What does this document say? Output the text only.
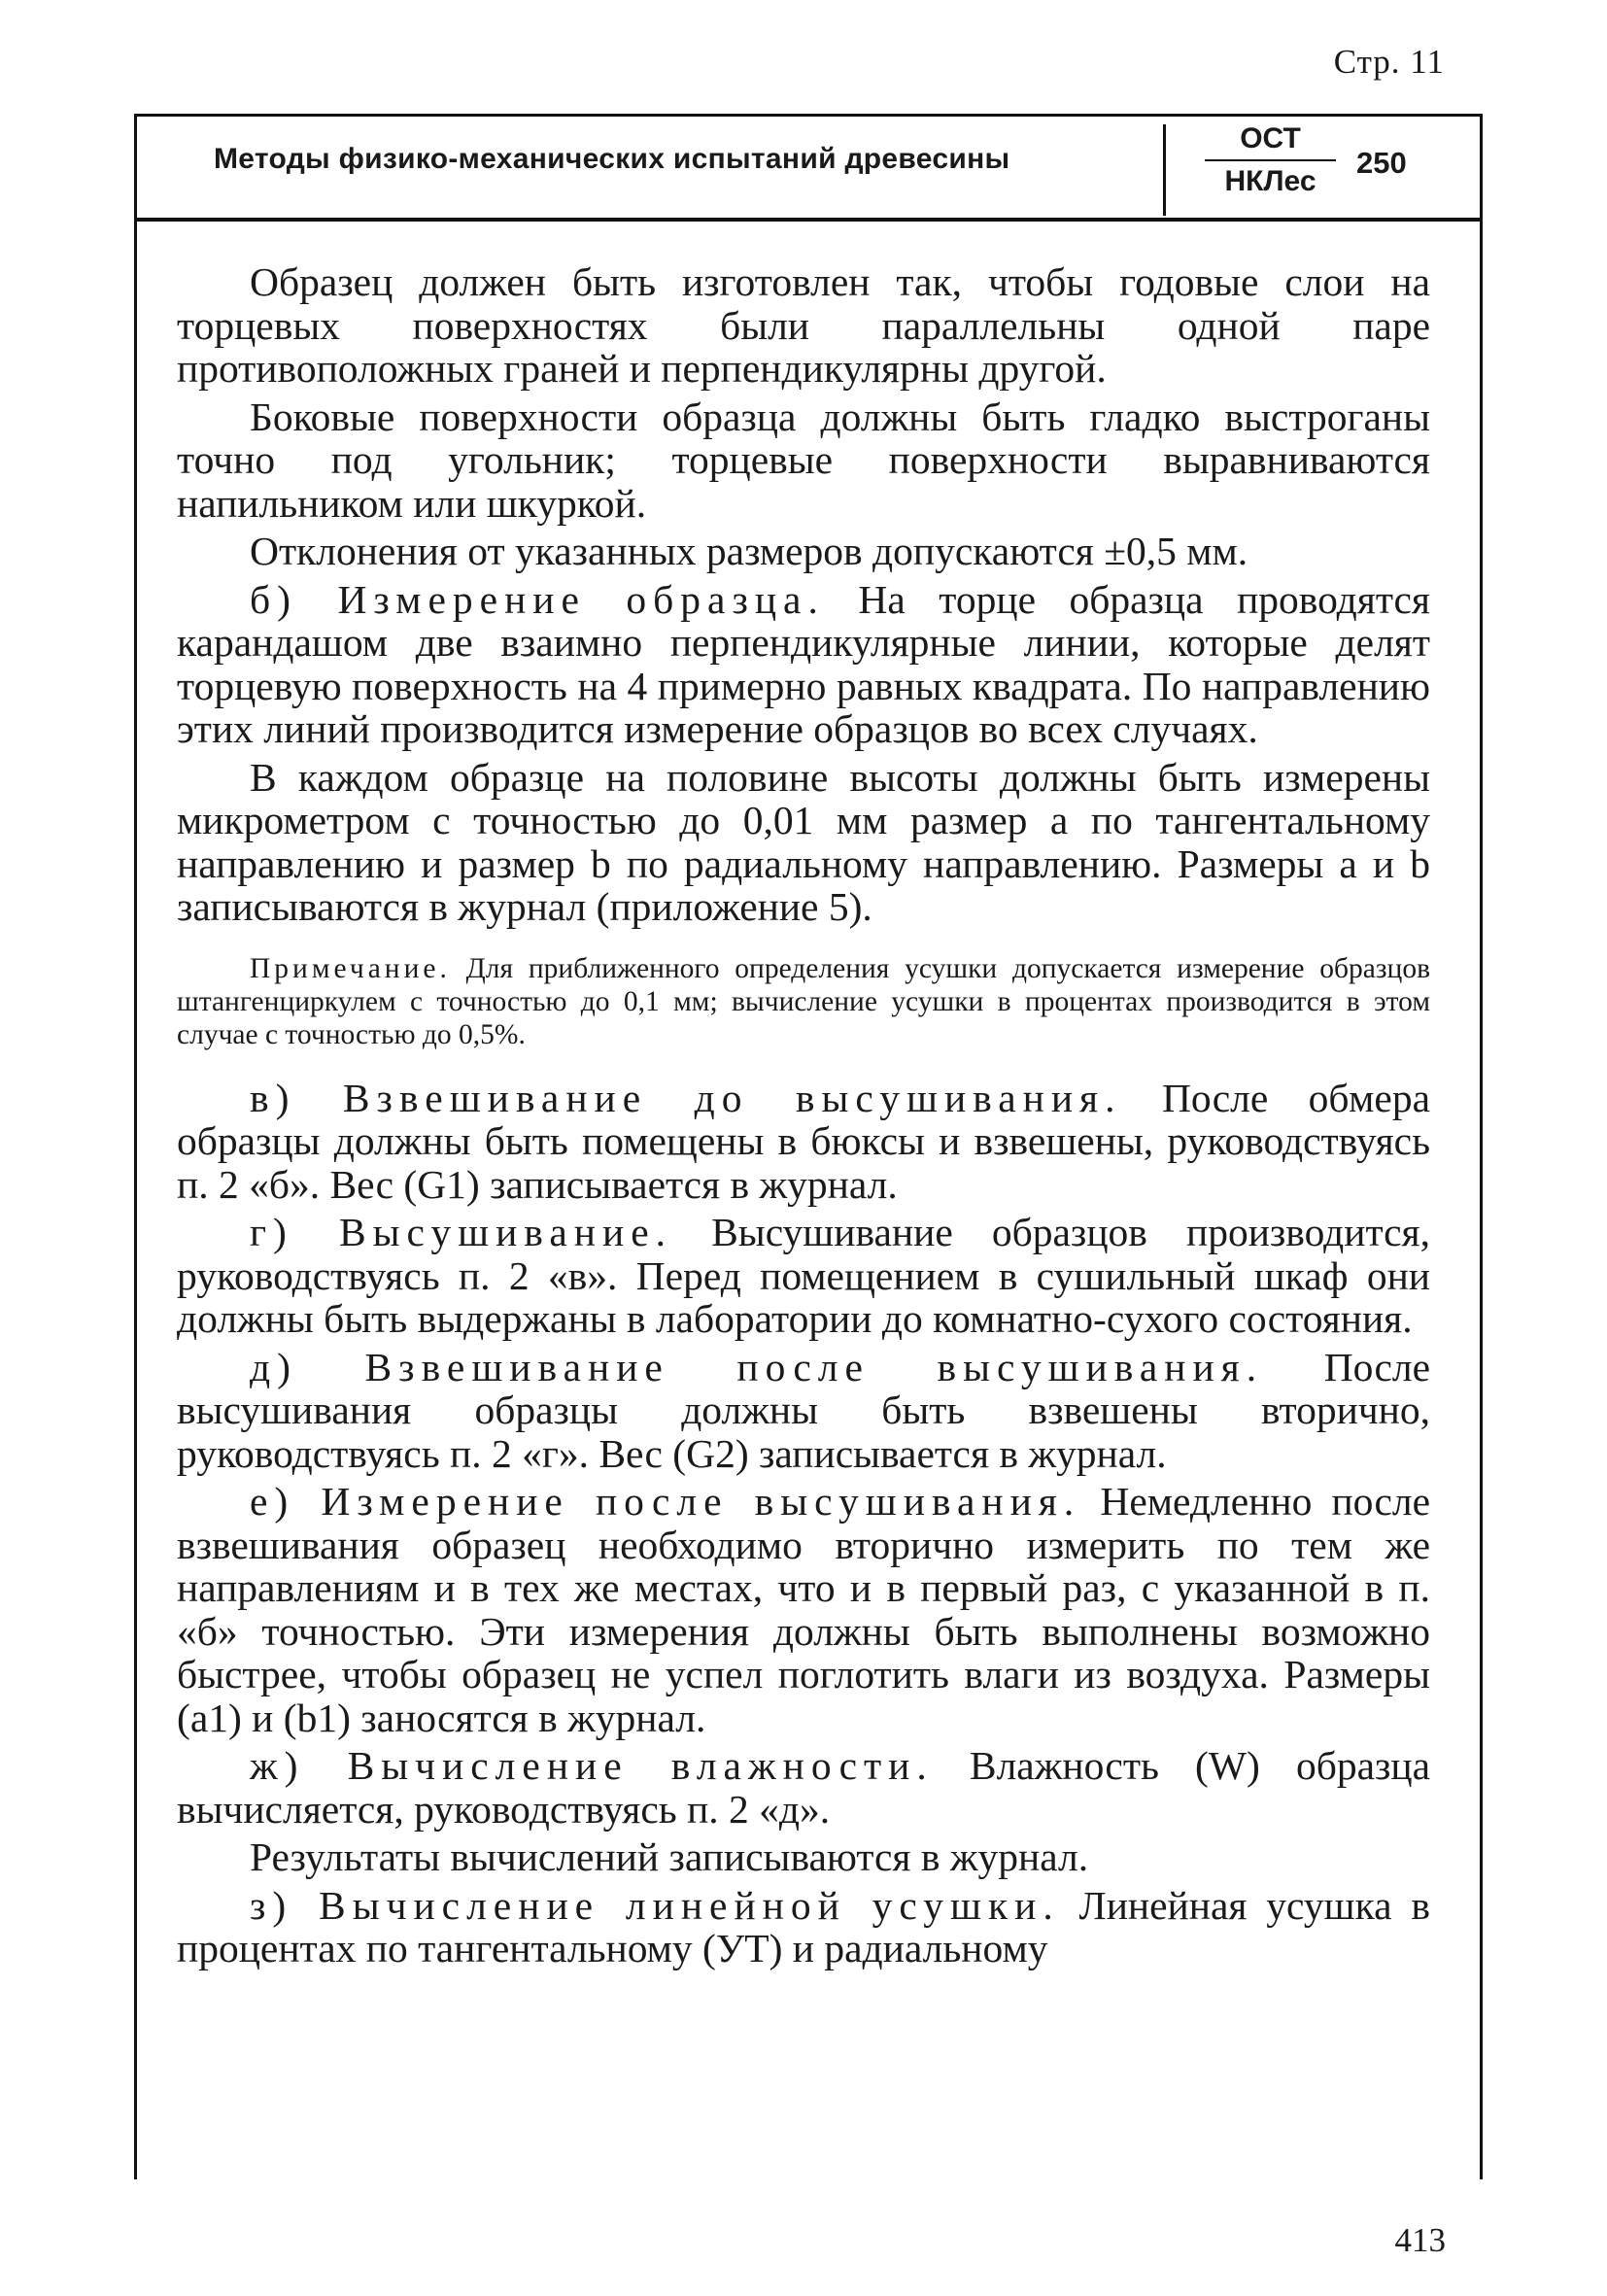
Стр. 11
Методы физико-механических испытаний древесины
ОСТ
НКЛес
250

Образец должен быть изготовлен так, чтобы годовые слои на торцевых поверхностях были параллельны одной паре противоположных граней и перпендикулярны другой.

Боковые поверхности образца должны быть гладко выстроганы точно под угольник; торцевые поверхности выравниваются напильником или шкуркой.

Отклонения от указанных размеров допускаются ±0,5 мм.

б) Измерение образца. На торце образца проводятся карандашом две взаимно перпендикулярные линии, которые делят торцевую поверхность на 4 примерно равных квадрата. По направлению этих линий производится измерение образцов во всех случаях.

В каждом образце на половине высоты должны быть измерены микрометром с точностью до 0,01 мм размер a по тангентальному направлению и размер b по радиальному направлению. Размеры a и b записываются в журнал (приложение 5).

Примечание. Для приближенного определения усушки допускается измерение образцов штангенциркулем с точностью до 0,1 мм; вычисление усушки в процентах производится в этом случае с точностью до 0,5%.

в) Взвешивание до высушивания. После обмера образцы должны быть помещены в бюксы и взвешены, руководствуясь п. 2 «б». Вес (G1) записывается в журнал.

г) Высушивание. Высушивание образцов производится, руководствуясь п. 2 «в». Перед помещением в сушильный шкаф они должны быть выдержаны в лаборатории до комнатно-сухого состояния.

д) Взвешивание после высушивания. После высушивания образцы должны быть взвешены вторично, руководствуясь п. 2 «г». Вес (G2) записывается в журнал.

е) Измерение после высушивания. Немедленно после взвешивания образец необходимо вторично измерить по тем же направлениям и в тех же местах, что и в первый раз, с указанной в п. «б» точностью. Эти измерения должны быть выполнены возможно быстрее, чтобы образец не успел поглотить влаги из воздуха. Размеры (a1) и (b1) заносятся в журнал.

ж) Вычисление влажности. Влажность (W) образца вычисляется, руководствуясь п. 2 «д».

Результаты вычислений записываются в журнал.

з) Вычисление линейной усушки. Линейная усушка в процентах по тангентальному (УТ) и радиальному

413
